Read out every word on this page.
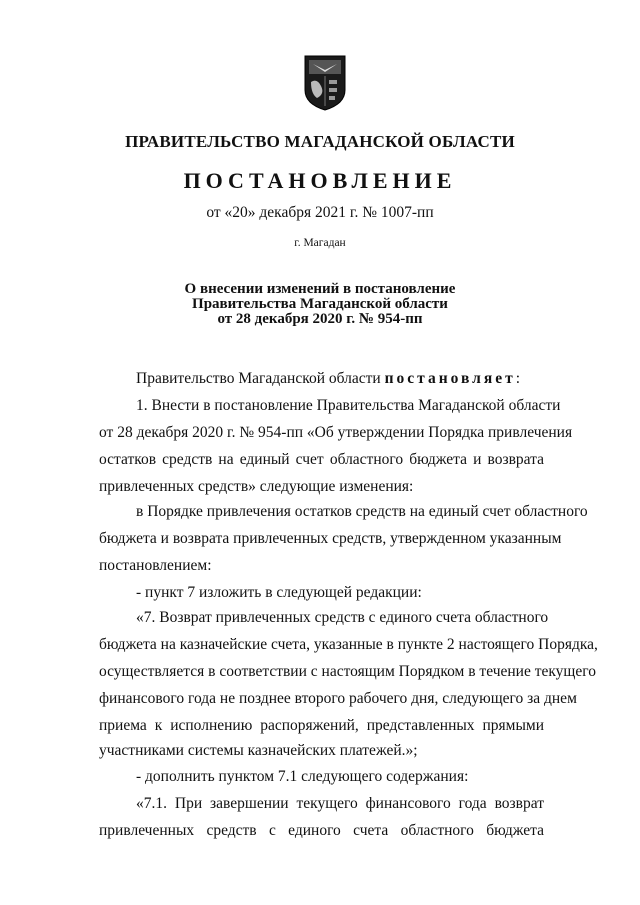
ПРАВИТЕЛЬСТВО МАГАДАНСКОЙ ОБЛАСТИ
ПОСТАНОВЛЕНИЕ
от «20» декабря 2021 г. № 1007-пп
г. Магадан
О внесении изменений в постановление
Правительства Магаданской области
от 28 декабря 2020 г. № 954-пп
Правительство Магаданской области постановляет:
1. Внести в постановление Правительства Магаданской области
от 28 декабря 2020 г. № 954-пп «Об утверждении Порядка привлечения
остатков средств на единый счет областного бюджета и возврата
привлеченных средств» следующие изменения:
в Порядке привлечения остатков средств на единый счет областного
бюджета и возврата привлеченных средств, утвержденном указанным
постановлением:
- пункт 7 изложить в следующей редакции:
«7. Возврат привлеченных средств с единого счета областного
бюджета на казначейские счета, указанные в пункте 2 настоящего Порядка,
осуществляется в соответствии с настоящим Порядком в течение текущего
финансового года не позднее второго рабочего дня, следующего за днем
приема к исполнению распоряжений, представленных прямыми
участниками системы казначейских платежей.»;
- дополнить пунктом 7.1 следующего содержания:
«7.1. При завершении текущего финансового года возврат
привлеченных средств с единого счета областного бюджета
